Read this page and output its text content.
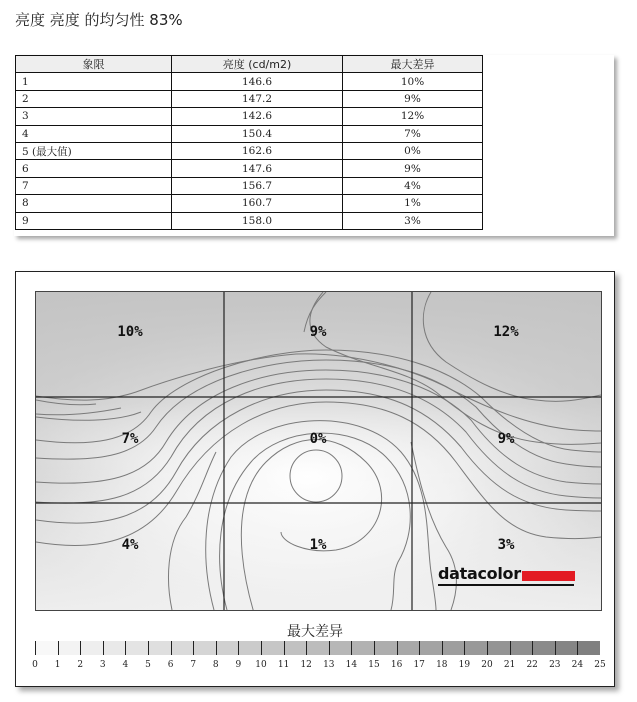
亮度 亮度 的均匀性 83%
象限	亮度 (cd/m2)	最大差异
1	146.6	10%
2	147.2	9%
3	142.6	12%
4	150.4	7%
5 (最大值)	162.6	0%
6	147.6	9%
7	156.7	4%
8	160.7	1%
9	158.0	3%
10%	9%	12%
7%	0%	9%
4%	1%	3%
datacolor
最大差异
0 1 2 3 4 5 6 7 8 9 10 11 12 13 14 15 16 17 18 19 20 21 22 23 24 25
